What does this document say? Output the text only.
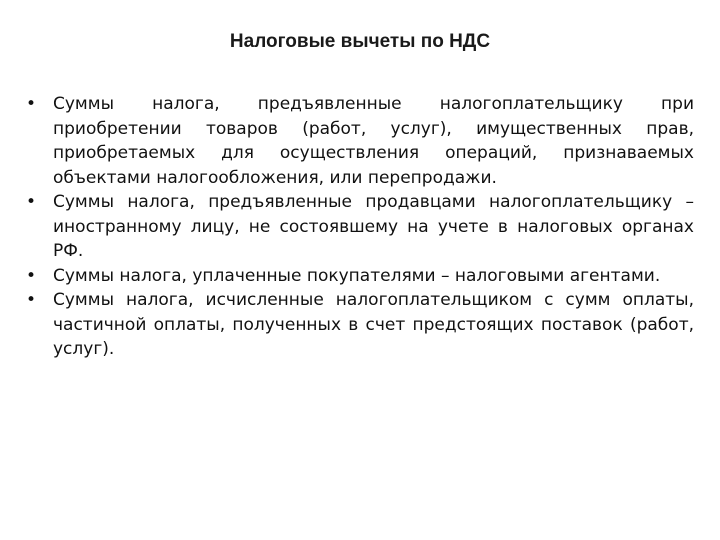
Налоговые вычеты по НДС
• Суммы налога, предъявленные налогоплательщику при приобретении товаров (работ, услуг), имущественных прав, приобретаемых для осуществления операций, признаваемых объектами налогообложения, или перепродажи.
• Суммы налога, предъявленные продавцами налогоплательщику – иностранному лицу, не состоявшему на учете в налоговых органах РФ.
• Суммы налога, уплаченные покупателями – налоговыми агентами.
• Суммы налога, исчисленные налогоплательщиком с сумм оплаты, частичной оплаты, полученных в счет предстоящих поставок (работ, услуг).
